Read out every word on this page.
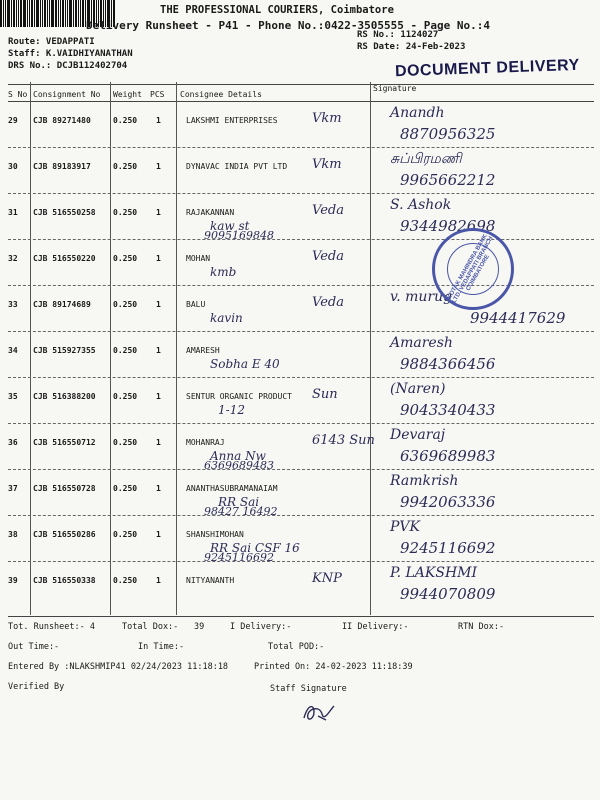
THE PROFESSIONAL COURIERS, Coimbatore
Delivery Runsheet - P41 - Phone No.:0422-3505555 - Page No.:4
Route: VEDAPPATI
Staff: K.VAIDHIYANATHAN
DRS No.: DCJB112402704
RS No.: 1124027
RS Date: 24-Feb-2023
DOCUMENT DELIVERY
S No Consignment No Weight PCS Consignee Details
Signature
29 CJB 89271480	0.250 1	LAKSHMI ENTERPRISES	Vkm	Anandh
8870956325
30 CJB 89183917	0.250 1	DYNAVAC INDIA PVT LTD Vkm	சுப்பிரமணி
9965662212
31 CJB 516550258 0.250 1	RAJAKANNAN	Veda
kaw st
9095169848
S. Ashok
9344982698
32 CJB 516550220 0.250 1	MOHAN	Veda
kmb
33 CJB 89174689	0.250 1	BALU	Veda
kavin
v. murug
9944417629
34 CJB 515927355 0.250 1	AMARESH
Sobha E 40
Amaresh
9884366456
35 CJB 516388200 0.250 1	SENTUR ORGANIC PRODUCT Sun
1-12
(Naren)
9043340433
36 CJB 516550712 0.250 1	MOHANRAJ	6143 Sun
Anna Nw
6369689483
Devaraj
6369689983
37 CJB 516550728 0.250 1	ANANTHASUBRAMANAIAM
RR Sai
98427 16492
Ramkrish
9942063336
38 CJB 516550286 0.250 1	SHANSHIMOHAN
RR Sai CSF 16
9245116692
PVK
9245116692
39 CJB 516550338 0.250 1	NITYANANTH	KNP	P. LAKSHMI
9944070809
KOTAK MAHINDRA BANK LTD. VEDAPPATI BRANCH COIMBATORE
Tot. Runsheet:- 4	Total Dox:- 39	I Delivery:-	II Delivery:-	RTN Dox:-
Out Time:-	In Time:-	Total POD:-
Entered By :NLAKSHMIP41 02/24/2023 11:18:18	Printed On: 24-02-2023 11:18:39
Verified By	Staff Signature
